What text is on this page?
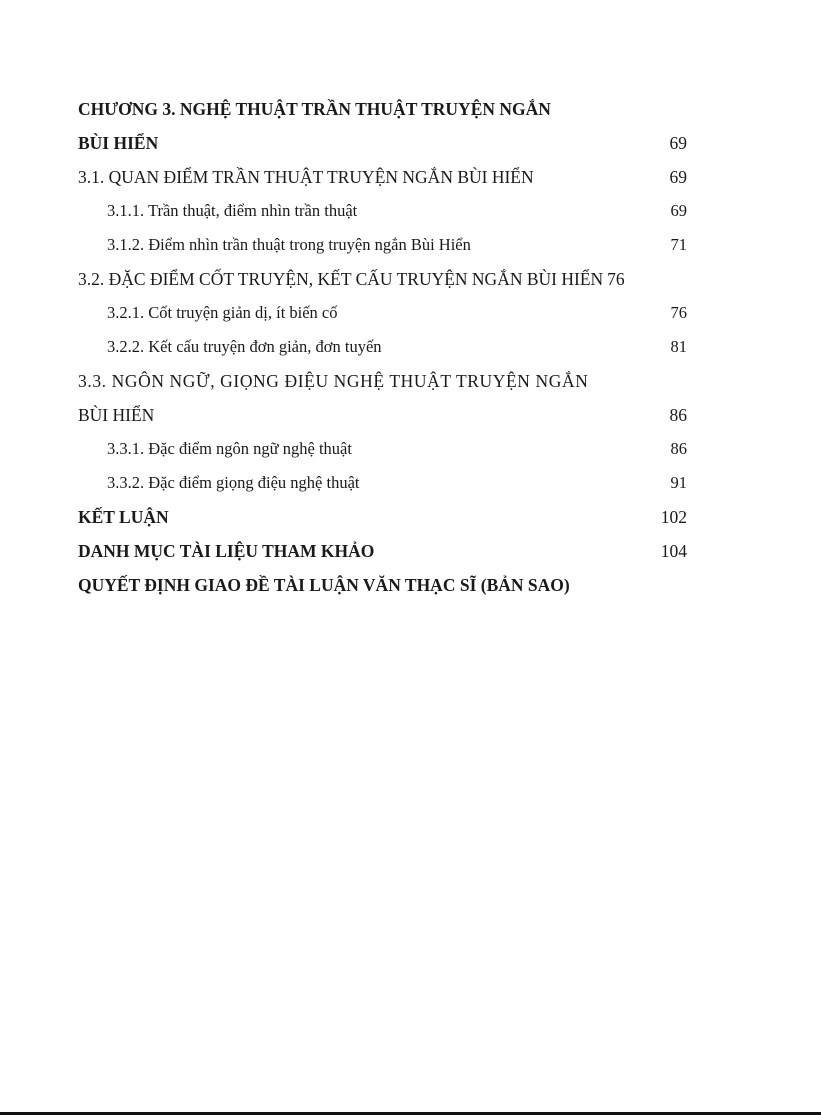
CHƯƠNG 3. NGHỆ THUẬT TRẦN THUẬT TRUYỆN NGẮN
BÙI HIỂN	69
3.1. QUAN ĐIỂM TRẦN THUẬT TRUYỆN NGẮN BÙI HIỂN	69
3.1.1. Trần thuật, điểm nhìn trần thuật	69
3.1.2. Điểm nhìn trần thuật trong truyện ngắn Bùi Hiển	71
3.2. ĐẶC ĐIỂM CỐT TRUYỆN, KẾT CẤU TRUYỆN NGẮN BÙI HIỂN 76
3.2.1. Cốt truyện giản dị, ít biến cố	76
3.2.2. Kết cấu truyện đơn giản, đơn tuyến	81
3.3. NGÔN NGỮ, GIỌNG ĐIỆU NGHỆ THUẬT TRUYỆN NGẮN
BÙI HIỂN	86
3.3.1. Đặc điểm ngôn ngữ nghệ thuật	86
3.3.2. Đặc điểm giọng điệu nghệ thuật	91
KẾT LUẬN	102
DANH MỤC TÀI LIỆU THAM KHẢO	104
QUYẾT ĐỊNH GIAO ĐỀ TÀI LUẬN VĂN THẠC SĨ (BẢN SAO)
